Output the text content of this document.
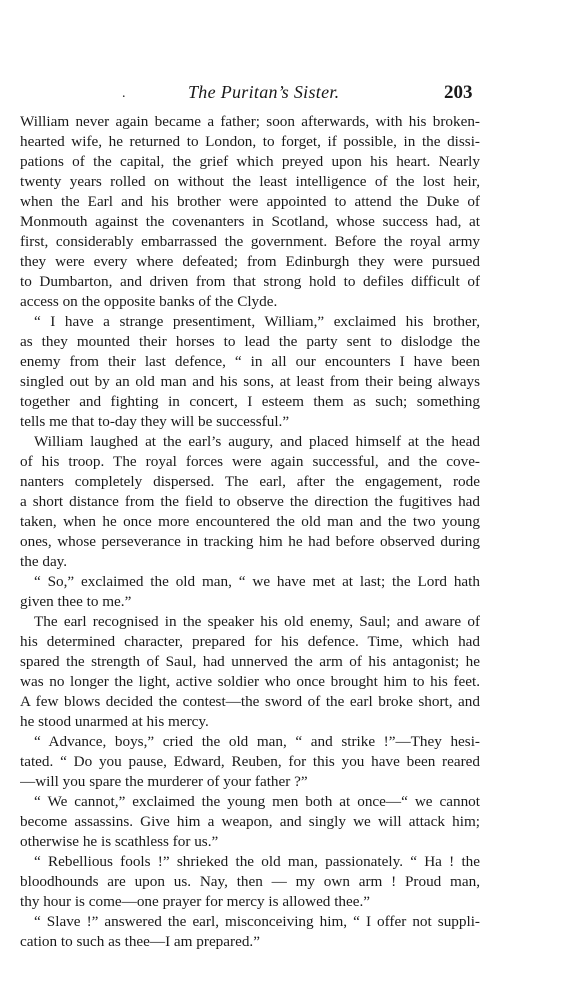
.	The Puritan’s Sister.	203
William never again became a father; soon afterwards, with his broken-
hearted wife, he returned to London, to forget, if possible, in the dissi-
pations of the capital, the grief which preyed upon his heart. Nearly
twenty years rolled on without the least intelligence of the lost heir,
when the Earl and his brother were appointed to attend the Duke of
Monmouth against the covenanters in Scotland, whose success had, at
first, considerably embarrassed the government. Before the royal army
they were every where defeated; from Edinburgh they were pursued
to Dumbarton, and driven from that strong hold to defiles difficult of
access on the opposite banks of the Clyde.
“ I have a strange presentiment, William,” exclaimed his brother,
as they mounted their horses to lead the party sent to dislodge the
enemy from their last defence, “ in all our encounters I have been
singled out by an old man and his sons, at least from their being always
together and fighting in concert, I esteem them as such; something
tells me that to-day they will be successful.”
William laughed at the earl’s augury, and placed himself at the head
of his troop. The royal forces were again successful, and the cove-
nanters completely dispersed. The earl, after the engagement, rode
a short distance from the field to observe the direction the fugitives had
taken, when he once more encountered the old man and the two young
ones, whose perseverance in tracking him he had before observed during
the day.
“ So,” exclaimed the old man, “ we have met at last; the Lord hath
given thee to me.”
The earl recognised in the speaker his old enemy, Saul; and aware of
his determined character, prepared for his defence. Time, which had
spared the strength of Saul, had unnerved the arm of his antagonist; he
was no longer the light, active soldier who once brought him to his feet.
A few blows decided the contest—the sword of the earl broke short, and
he stood unarmed at his mercy.
“ Advance, boys,” cried the old man, “ and strike !”—They hesi-
tated. “ Do you pause, Edward, Reuben, for this you have been reared
—will you spare the murderer of your father ?”
“ We cannot,” exclaimed the young men both at once—“ we cannot
become assassins. Give him a weapon, and singly we will attack him;
otherwise he is scathless for us.”
“ Rebellious fools !” shrieked the old man, passionately. “ Ha ! the
bloodhounds are upon us. Nay, then — my own arm ! Proud man,
thy hour is come—one prayer for mercy is allowed thee.”
“ Slave !” answered the earl, misconceiving him, “ I offer not suppli-
cation to such as thee—I am prepared.”
